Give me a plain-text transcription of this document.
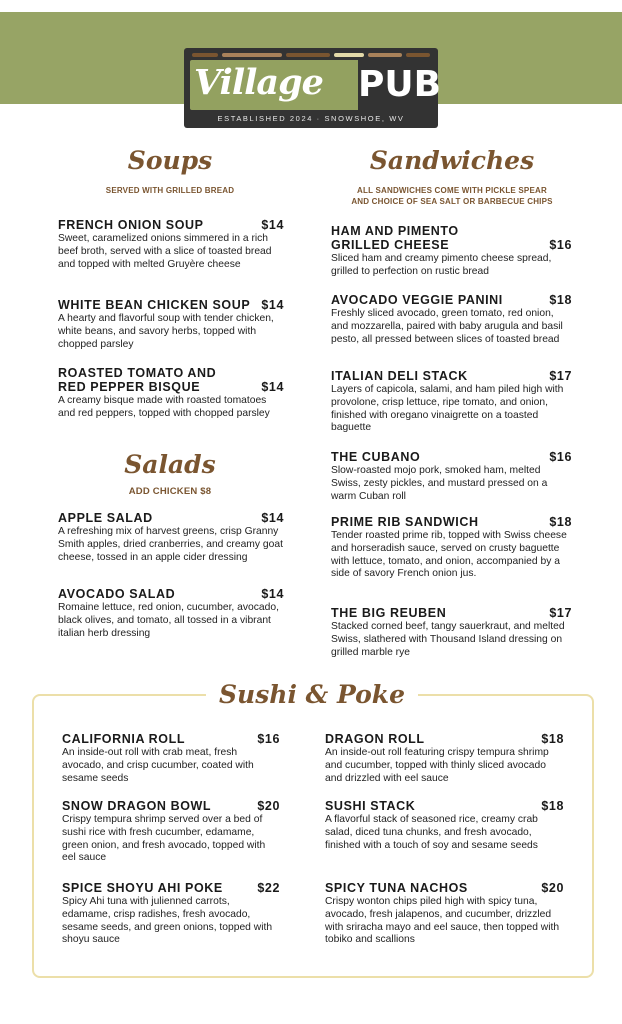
Village PUB
ESTABLISHED 2024 · SNOWSHOE, WV
Soups
SERVED WITH GRILLED BREAD
FRENCH ONION SOUP	$14
Sweet, caramelized onions simmered in a rich beef broth, served with a slice of toasted bread and topped with melted Gruyère cheese
WHITE BEAN CHICKEN SOUP $14
A hearty and flavorful soup with tender chicken, white beans, and savory herbs, topped with chopped parsley
ROASTED TOMATO AND
RED PEPPER BISQUE	$14
A creamy bisque made with roasted tomatoes and red peppers, topped with chopped parsley
Salads
ADD CHICKEN $8
APPLE SALAD	$14
A refreshing mix of harvest greens, crisp Granny Smith apples, dried cranberries, and creamy goat cheese, tossed in an apple cider dressing
AVOCADO SALAD	$14
Romaine lettuce, red onion, cucumber, avocado, black olives, and tomato, all tossed in a vibrant italian herb dressing
Sandwiches
ALL SANDWICHES COME WITH PICKLE SPEAR
AND CHOICE OF SEA SALT OR BARBECUE CHIPS
HAM AND PIMENTO
GRILLED CHEESE	$16
Sliced ham and creamy pimento cheese spread, grilled to perfection on rustic bread
AVOCADO VEGGIE PANINI	$18
Freshly sliced avocado, green tomato, red onion, and mozzarella, paired with baby arugula and basil pesto, all pressed between slices of toasted bread
ITALIAN DELI STACK	$17
Layers of capicola, salami, and ham piled high with provolone, crisp lettuce, ripe tomato, and onion, finished with oregano vinaigrette on a toasted baguette
THE CUBANO	$16
Slow-roasted mojo pork, smoked ham, melted Swiss, zesty pickles, and mustard pressed on a warm Cuban roll
PRIME RIB SANDWICH	$18
Tender roasted prime rib, topped with Swiss cheese and horseradish sauce, served on crusty baguette with lettuce, tomato, and onion, accompanied by a side of savory French onion jus.
THE BIG REUBEN	$17
Stacked corned beef, tangy sauerkraut, and melted Swiss, slathered with Thousand Island dressing on grilled marble rye
Sushi & Poke
CALIFORNIA ROLL	$16
An inside-out roll with crab meat, fresh avocado, and crisp cucumber, coated with sesame seeds
SNOW DRAGON BOWL	$20
Crispy tempura shrimp served over a bed of sushi rice with fresh cucumber, edamame, green onion, and fresh avocado, topped with eel sauce
SPICE SHOYU AHI POKE	$22
Spicy Ahi tuna with julienned carrots, edamame, crisp radishes, fresh avocado, sesame seeds, and green onions, topped with shoyu sauce
DRAGON ROLL	$18
An inside-out roll featuring crispy tempura shrimp and cucumber, topped with thinly sliced avocado and drizzled with eel sauce
SUSHI STACK	$18
A flavorful stack of seasoned rice, creamy crab salad, diced tuna chunks, and fresh avocado, finished with a touch of soy and sesame seeds
SPICY TUNA NACHOS	$20
Crispy wonton chips piled high with spicy tuna, avocado, fresh jalapenos, and cucumber, drizzled with sriracha mayo and eel sauce, then topped with tobiko and scallions
